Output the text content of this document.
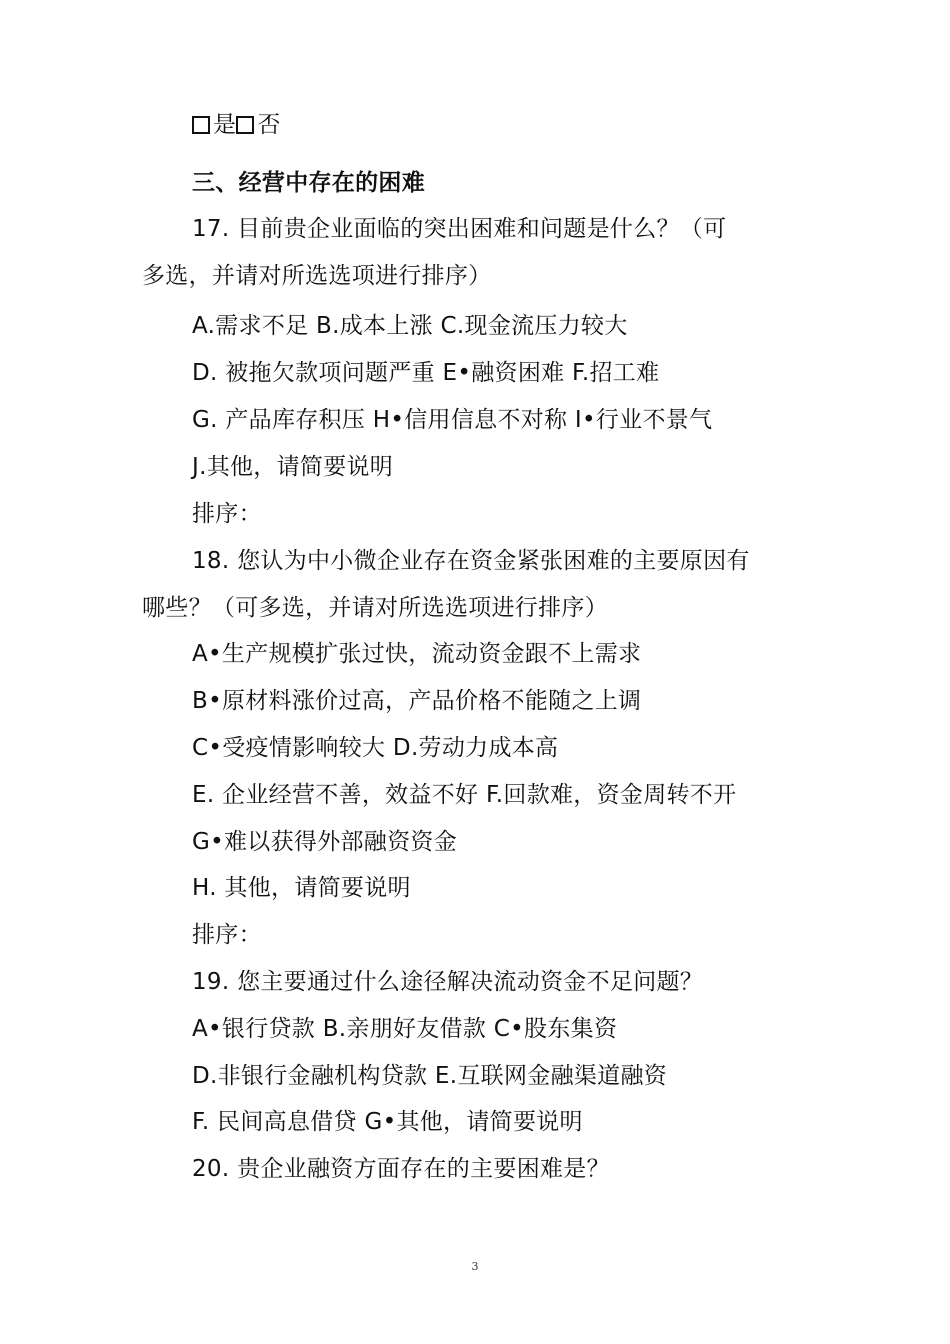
是 否
三、经营中存在的困难
17. 目前贵企业面临的突出困难和问题是什么？（可
多选，并请对所选选项进行排序）
A.需求不足 B.成本上涨 C.现金流压力较大
D. 被拖欠款项问题严重 E•融资困难 F.招工难
G. 产品库存积压 H•信用信息不对称 I•行业不景气
J.其他，请简要说明
排序：
18. 您认为中小微企业存在资金紧张困难的主要原因有
哪些？（可多选，并请对所选选项进行排序）
A•生产规模扩张过快，流动资金跟不上需求
B•原材料涨价过高，产品价格不能随之上调
C•受疫情影响较大 D.劳动力成本高
E. 企业经营不善，效益不好 F.回款难，资金周转不开
G•难以获得外部融资资金
H. 其他，请简要说明
排序：
19. 您主要通过什么途径解决流动资金不足问题？
A•银行贷款 B.亲朋好友借款 C•股东集资
D.非银行金融机构贷款 E.互联网金融渠道融资
F. 民间高息借贷 G•其他，请简要说明
20. 贵企业融资方面存在的主要困难是？
3
